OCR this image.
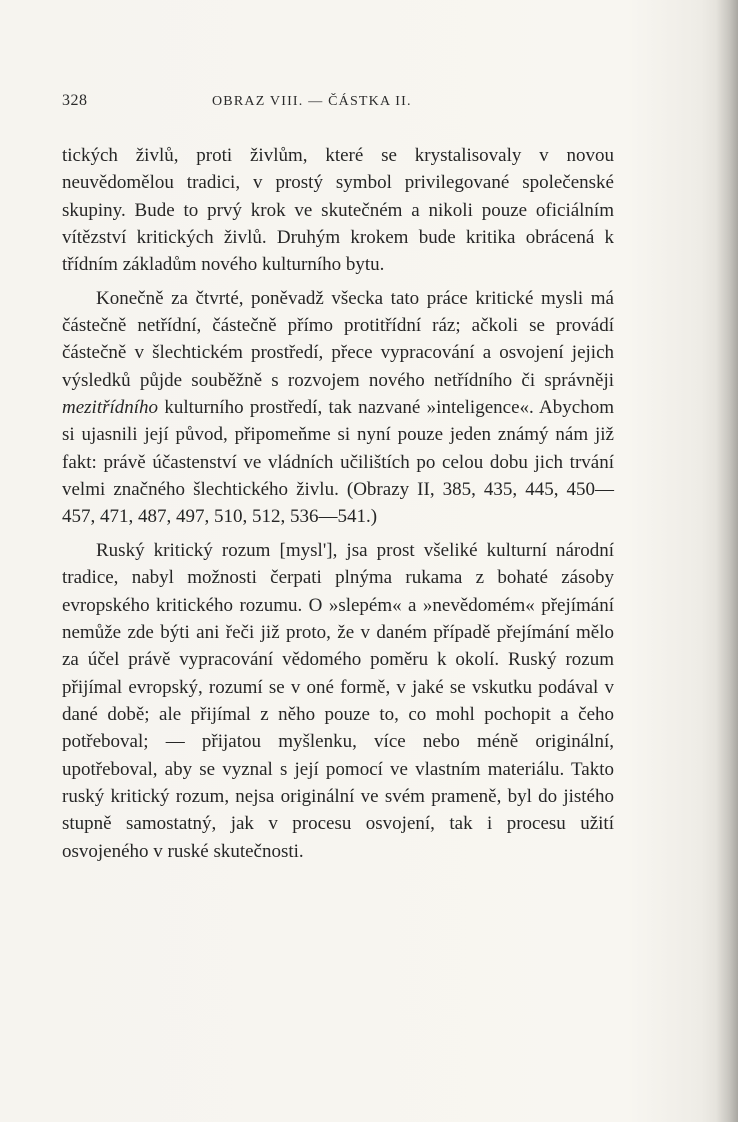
328	OBRAZ VIII. — ČÁSTKA II.

tických živlů, proti živlům, které se krystalisovaly v novou neuvědomělou tradici, v prostý symbol privilegované společenské skupiny. Bude to prvý krok ve skutečném a nikoli pouze oficiálním vítězství kritických živlů. Druhým krokem bude kritika obrácená k třídním základům nového kulturního bytu.

Konečně za čtvrté, poněvadž všecka tato práce kritické mysli má částečně netřídní, částečně přímo protitřídní ráz; ačkoli se provádí částečně v šlechtickém prostředí, přece vypracování a osvojení jejich výsledků půjde souběžně s rozvojem nového netřídního či správněji mezitřídního kulturního prostředí, tak nazvané »inteligence«. Abychom si ujasnili její původ, připomeňme si nyní pouze jeden známý nám již fakt: právě účastenství ve vládních učilištích po celou dobu jich trvání velmi značného šlechtického živlu. (Obrazy II, 385, 435, 445, 450—457, 471, 487, 497, 510, 512, 536—541.)

Ruský kritický rozum [mysl'], jsa prost všeliké kulturní národní tradice, nabyl možnosti čerpati plnýma rukama z bohaté zásoby evropského kritického rozumu. O »slepém« a »nevědomém« přejímání nemůže zde býti ani řeči již proto, že v daném případě přejímání mělo za účel právě vypracování vědomého poměru k okolí. Ruský rozum přijímal evropský, rozumí se v oné formě, v jaké se vskutku podával v dané době; ale přijímal z něho pouze to, co mohl pochopit a čeho potřeboval; — přijatou myšlenku, více nebo méně originální, upotřeboval, aby se vyznal s její pomocí ve vlastním materiálu. Takto ruský kritický rozum, nejsa originální ve svém prameně, byl do jistého stupně samostatný, jak v procesu osvojení, tak i procesu užití osvojeného v ruské skutečnosti.
